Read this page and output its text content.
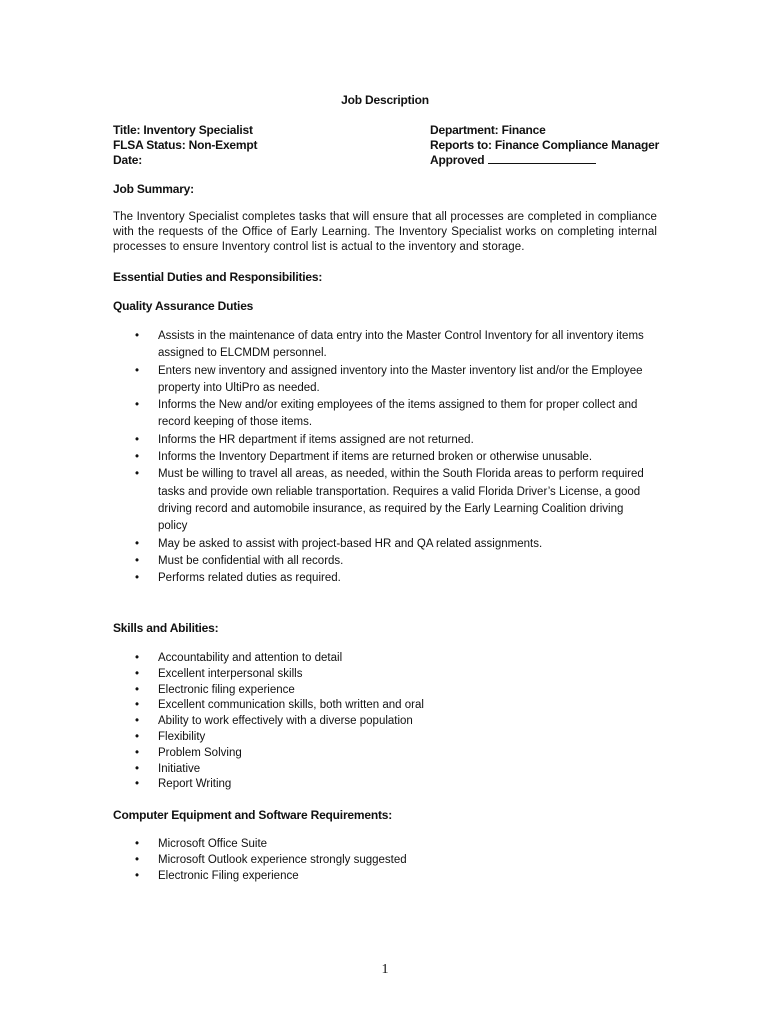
Job Description
Title: Inventory Specialist
FLSA Status: Non-Exempt
Date:
Department: Finance
Reports to: Finance Compliance Manager
Approved
Job Summary:
The Inventory Specialist completes tasks that will ensure that all processes are completed in compliance with the requests of the Office of Early Learning. The Inventory Specialist works on completing internal processes to ensure Inventory control list is actual to the inventory and storage.
Essential Duties and Responsibilities:
Quality Assurance Duties
• Assists in the maintenance of data entry into the Master Control Inventory for all inventory items assigned to ELCMDM personnel.
• Enters new inventory and assigned inventory into the Master inventory list and/or the Employee property into UltiPro as needed.
• Informs the New and/or exiting employees of the items assigned to them for proper collect and record keeping of those items.
• Informs the HR department if items assigned are not returned.
• Informs the Inventory Department if items are returned broken or otherwise unusable.
• Must be willing to travel all areas, as needed, within the South Florida areas to perform required tasks and provide own reliable transportation. Requires a valid Florida Driver’s License, a good driving record and automobile insurance, as required by the Early Learning Coalition driving policy
• May be asked to assist with project-based HR and QA related assignments.
• Must be confidential with all records.
• Performs related duties as required.
Skills and Abilities:
• Accountability and attention to detail
• Excellent interpersonal skills
• Electronic filing experience
• Excellent communication skills, both written and oral
• Ability to work effectively with a diverse population
• Flexibility
• Problem Solving
• Initiative
• Report Writing
Computer Equipment and Software Requirements:
• Microsoft Office Suite
• Microsoft Outlook experience strongly suggested
• Electronic Filing experience
1
